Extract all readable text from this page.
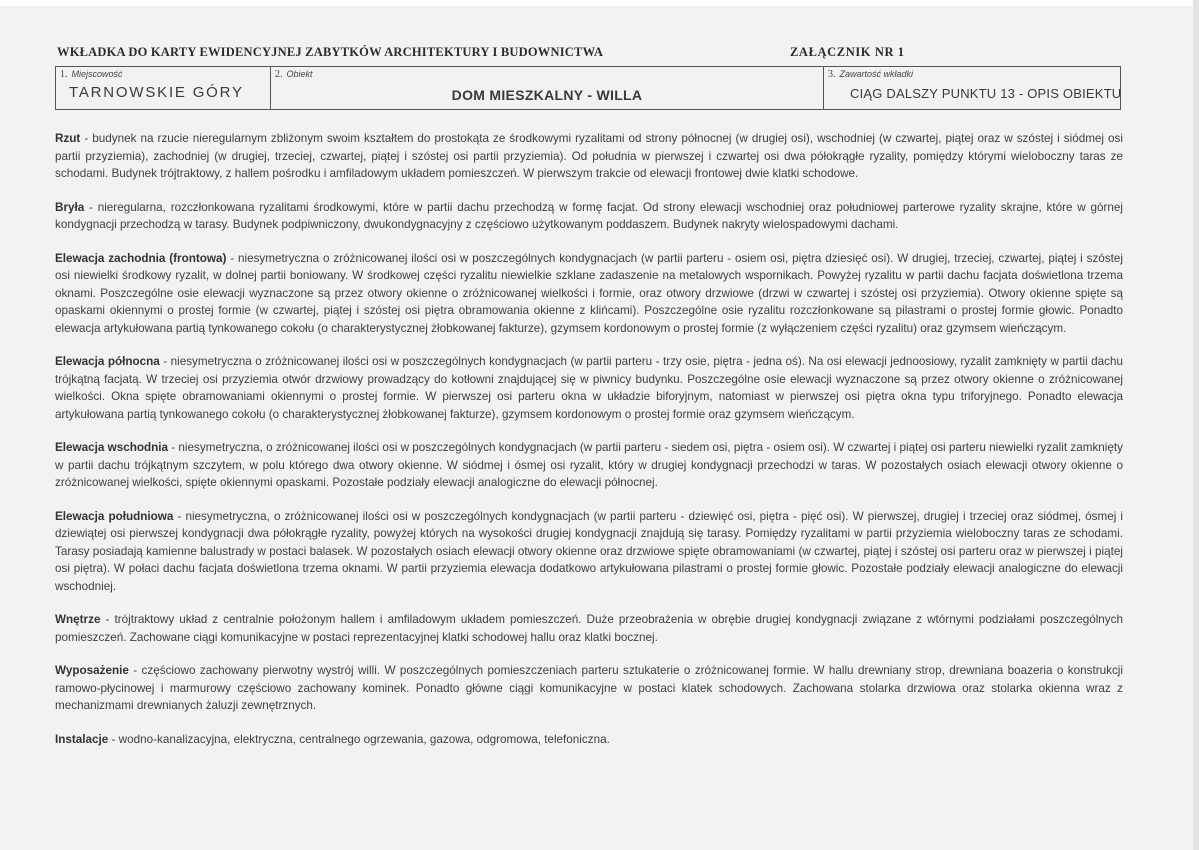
WKŁADKA DO KARTY EWIDENCYJNEJ ZABYTKÓW ARCHITEKTURY I BUDOWNICTWA	ZAŁĄCZNIK NR 1
1. Miejscowość
TARNOWSKIE GÓRY
2. Obiekt
DOM MIESZKALNY - WILLA
3. Zawartość wkładki
CIĄG DALSZY PUNKTU 13 - OPIS OBIEKTU

Rzut - budynek na rzucie nieregularnym zbliżonym swoim kształtem do prostokąta ze środkowymi ryzalitami od strony północnej (w drugiej osi), wschodniej (w czwartej, piątej oraz w szóstej i siódmej osi partii przyziemia), zachodniej (w drugiej, trzeciej, czwartej, piątej i szóstej osi partii przyziemia). Od południa w pierwszej i czwartej osi dwa półokrągłe ryzality, pomiędzy którymi wieloboczny taras ze schodami. Budynek trójtraktowy, z hallem pośrodku i amfiladowym układem pomieszczeń. W pierwszym trakcie od elewacji frontowej dwie klatki schodowe.

Bryła - nieregularna, rozczłonkowana ryzalitami środkowymi, które w partii dachu przechodzą w formę facjat. Od strony elewacji wschodniej oraz południowej parterowe ryzality skrajne, które w górnej kondygnacji przechodzą w tarasy. Budynek podpiwniczony, dwukondygnacyjny z częściowo użytkowanym poddaszem. Budynek nakryty wielospadowymi dachami.

Elewacja zachodnia (frontowa) - niesymetryczna o zróżnicowanej ilości osi w poszczególnych kondygnacjach (w partii parteru - osiem osi, piętra dziesięć osi). W drugiej, trzeciej, czwartej, piątej i szóstej osi niewielki środkowy ryzalit, w dolnej partii boniowany. W środkowej części ryzalitu niewielkie szklane zadaszenie na metalowych wspornikach. Powyżej ryzalitu w partii dachu facjata doświetlona trzema oknami. Poszczególne osie elewacji wyznaczone są przez otwory okienne o zróżnicowanej wielkości i formie, oraz otwory drzwiowe (drzwi w czwartej i szóstej osi przyziemia). Otwory okienne spięte są opaskami okiennymi o prostej formie (w czwartej, piątej i szóstej osi piętra obramowania okienne z klińcami). Poszczególne osie ryzalitu rozczłonkowane są pilastrami o prostej formie głowic. Ponadto elewacja artykułowana partią tynkowanego cokołu (o charakterystycznej żłobkowanej fakturze), gzymsem kordonowym o prostej formie (z wyłączeniem części ryzalitu) oraz gzymsem wieńczącym.

Elewacja północna - niesymetryczna o zróżnicowanej ilości osi w poszczególnych kondygnacjach (w partii parteru - trzy osie, piętra - jedna oś). Na osi elewacji jednoosiowy, ryzalit zamknięty w partii dachu trójkątną facjatą. W trzeciej osi przyziemia otwór drzwiowy prowadzący do kotłowni znajdującej się w piwnicy budynku. Poszczególne osie elewacji wyznaczone są przez otwory okienne o zróżnicowanej wielkości. Okna spięte obramowaniami okiennymi o prostej formie. W pierwszej osi parteru okna w układzie biforyjnym, natomiast w pierwszej osi piętra okna typu triforyjnego. Ponadto elewacja artykułowana partią tynkowanego cokołu (o charakterystycznej żłobkowanej fakturze), gzymsem kordonowym o prostej formie oraz gzymsem wieńczącym.

Elewacja wschodnia - niesymetryczna, o zróżnicowanej ilości osi w poszczególnych kondygnacjach (w partii parteru - siedem osi, piętra - osiem osi). W czwartej i piątej osi parteru niewielki ryzalit zamknięty w partii dachu trójkątnym szczytem, w polu którego dwa otwory okienne. W siódmej i ósmej osi ryzalit, który w drugiej kondygnacji przechodzi w taras. W pozostałych osiach elewacji otwory okienne o zróżnicowanej wielkości, spięte okiennymi opaskami. Pozostałe podziały elewacji analogiczne do elewacji północnej.

Elewacja południowa - niesymetryczna, o zróżnicowanej ilości osi w poszczególnych kondygnacjach (w partii parteru - dziewięć osi, piętra - pięć osi). W pierwszej, drugiej i trzeciej oraz siódmej, ósmej i dziewiątej osi pierwszej kondygnacji dwa półokrągłe ryzality, powyżej których na wysokości drugiej kondygnacji znajdują się tarasy. Pomiędzy ryzalitami w partii przyziemia wieloboczny taras ze schodami. Tarasy posiadają kamienne balustrady w postaci balasek. W pozostałych osiach elewacji otwory okienne oraz drzwiowe spięte obramowaniami (w czwartej, piątej i szóstej osi parteru oraz w pierwszej i piątej osi piętra). W połaci dachu facjata doświetlona trzema oknami. W partii przyziemia elewacja dodatkowo artykułowana pilastrami o prostej formie głowic. Pozostałe podziały elewacji analogiczne do elewacji wschodniej.

Wnętrze - trójtraktowy układ z centralnie położonym hallem i amfiladowym układem pomieszczeń. Duże przeobrażenia w obrębie drugiej kondygnacji związane z wtórnymi podziałami poszczególnych pomieszczeń. Zachowane ciągi komunikacyjne w postaci reprezentacyjnej klatki schodowej hallu oraz klatki bocznej.

Wyposażenie - częściowo zachowany pierwotny wystrój willi. W poszczególnych pomieszczeniach parteru sztukaterie o zróżnicowanej formie. W hallu drewniany strop, drewniana boazeria o konstrukcji ramowo-płycinowej i marmurowy częściowo zachowany kominek. Ponadto główne ciągi komunikacyjne w postaci klatek schodowych. Zachowana stolarka drzwiowa oraz stolarka okienna wraz z mechanizmami drewnianych żaluzji zewnętrznych.

Instalacje - wodno-kanalizacyjna, elektryczna, centralnego ogrzewania, gazowa, odgromowa, telefoniczna.
